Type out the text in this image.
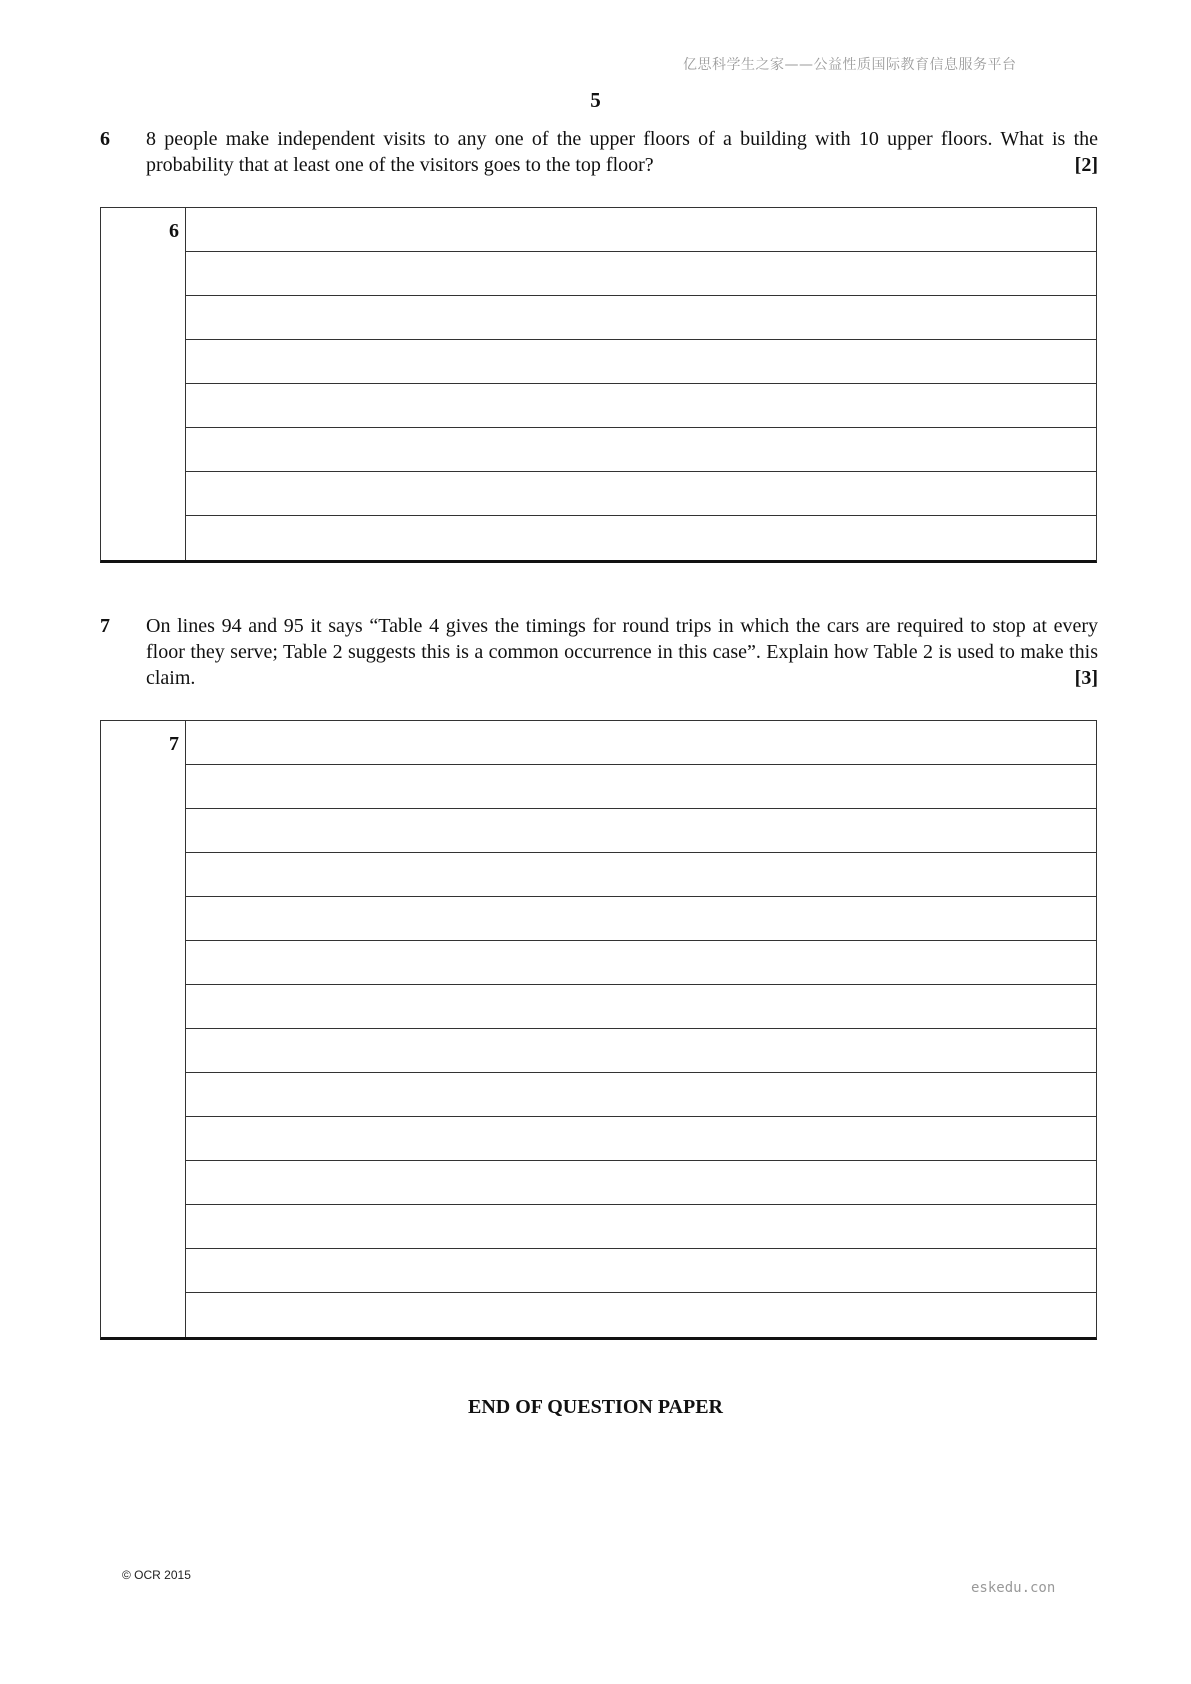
亿思科学生之家——公益性质国际教育信息服务平台
5
6 8 people make independent visits to any one of the upper floors of a building with 10 upper floors. What is the probability that at least one of the visitors goes to the top floor?	[2]
6
7 On lines 94 and 95 it says “Table 4 gives the timings for round trips in which the cars are required to stop at every floor they serve; Table 2 suggests this is a common occurrence in this case”. Explain how Table 2 is used to make this claim.	[3]
7
END OF QUESTION PAPER
© OCR 2015
eskedu.con
